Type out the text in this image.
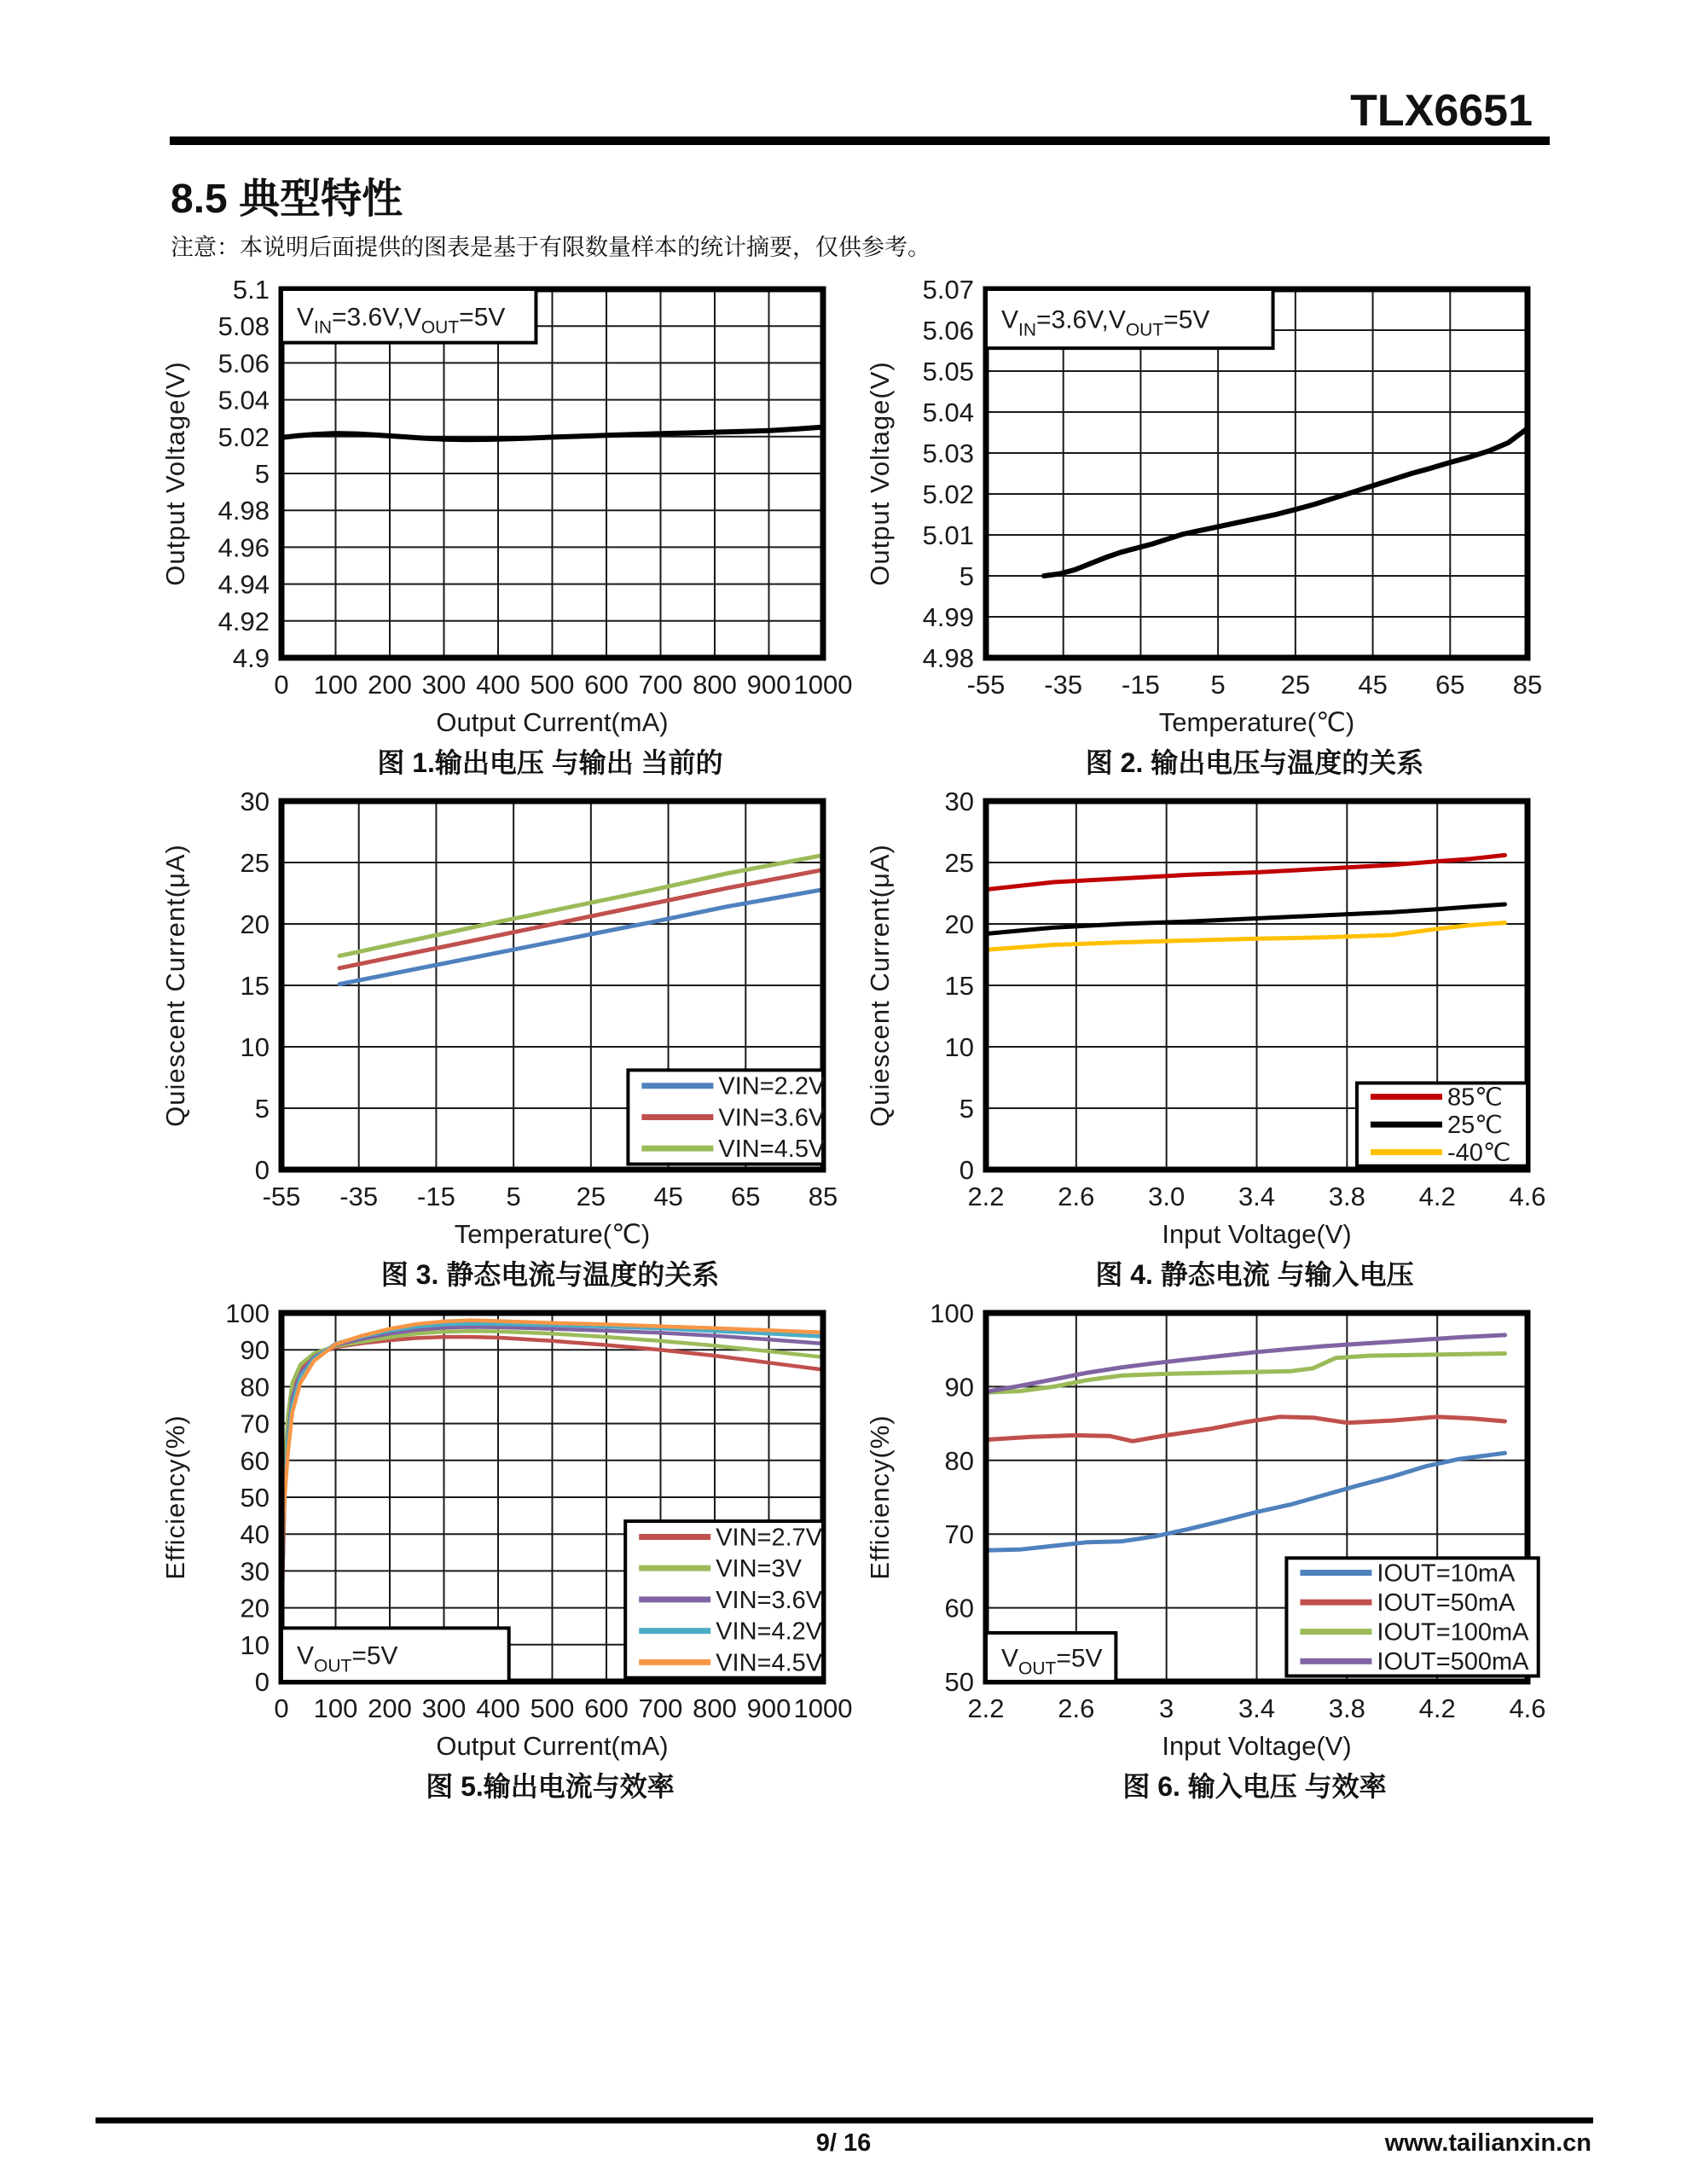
TLX6651
8.5 典型特性

注意：本说明后面提供的图表是基于有限数量样本的统计摘要，仅供参考。

$V_{IN}=3.6V,V_{OUT}=5V$
5.1
5.08
5.06
5.04
5.02
5
4.98
4.96
4.94
4.92
4.9
0 100 200 300 400 500 600 700 800 900 1000
Output Current(mA)
Output Voltage(V)
图 1.输出电压 与输出 当前的
$V_{IN}=3.6V,V_{OUT}=5V$
5.07
5.06
5.05
5.04
5.03
5.02
5.01
5
4.99
4.98
-55 -35 -15 5 25 45 65 85
Temperature(℃)
Output Voltage(V)
图 2. 输出电压与温度的关系
VIN=2.2V
VIN=3.6V
VIN=4.5V
30
25
20
15
10
5
0
-55 -35 -15 5 25 45 65 85
Temperature(℃)
Quiescent Current(μA)
图 3. 静态电流与温度的关系
85℃
25℃
-40℃
30
25
20
15
10
5
0
2.2 2.6 3.0 3.4 3.8 4.2 4.6
Input Voltage(V)
Quiescent Current(μA)
图 4. 静态电流 与输入电压
$V_{OUT}=5V$
VIN=2.7V
VIN=3V
VIN=3.6V
VIN=4.2V
VIN=4.5V
100
90
80
70
60
50
40
30
20
10
0
0 100 200 300 400 500 600 700 800 900 1000
Output Current(mA)
Efficiency(%)
图 5.输出电流与效率
$V_{OUT}=5V$
IOUT=10mA
IOUT=50mA
IOUT=100mA
IOUT=500mA
100
90
80
70
60
50
2.2 2.6 3 3.4 3.8 4.2 4.6
Input Voltage(V)
Efficiency(%)
图 6. 输入电压 与效率
9/ 16	www.tailianxin.cn
